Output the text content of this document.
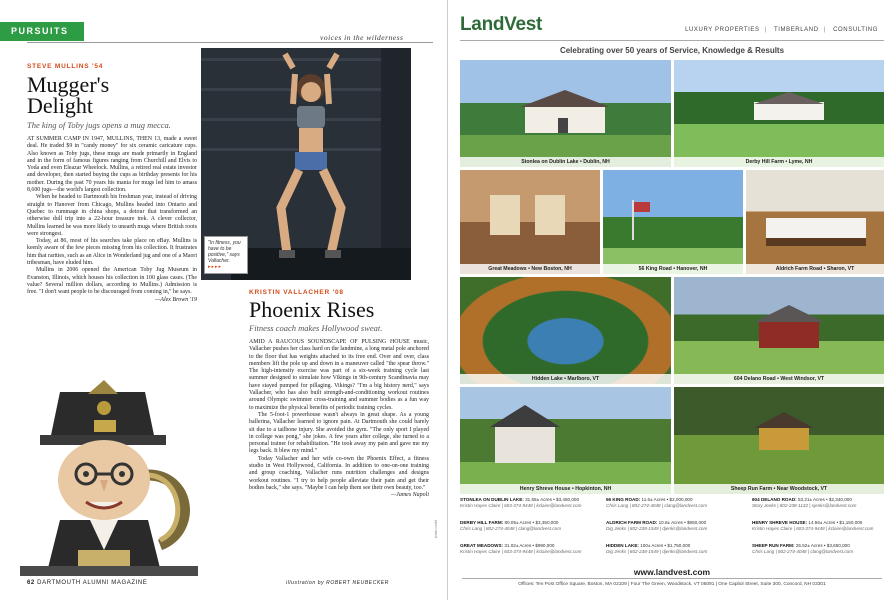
PURSUITS
voices in the wilderness
STEVE MULLINS '54
Mugger's
Delight
The king of Toby jugs opens a mug mecca.

AT SUMMER CAMP IN 1947, MULLINS, THEN 13, made a sweet deal. He traded $9 in "candy money" for six ceramic caricature cups. Also known as Toby jugs, these mugs are made primarily in England and in the form of famous figures ranging from Churchill and Elvis to Yoda and even Eleazar Wheelock. Mullins, a retired real estate investor and developer, then started buying the cups as birthday presents for his mother. During the past 70 years his mania for mugs led him to amass 8,600 jugs—the world's largest collection.

When he headed to Dartmouth his freshman year, instead of driving straight to Hanover from Chicago, Mullins headed into Ontario and Quebec to rummage in china shops, a detour that transformed an otherwise dull trip into a 22-hour treasure trek. A clever collector, Mullins learned he was more likely to unearth mugs where British roots were strongest.

Today, at 86, most of his searches take place on eBay. Mullins is keenly aware of the few pieces missing from his collection. It frustrates him that rarities, such as an Alice in Wonderland jug and one of a Maori tribesman, have eluded him.

Mullins in 2006 opened the American Toby Jug Museum in Evanston, Illinois, which houses his collection in 100 glass cases. (The value? Several million dollars, according to Mullins.) Admission is free. "I don't want people to be discouraged from coming in," he says.

—Alex Brown '19
"In fitness, you have to be positive," says Vallacher.
▸▸▸▸
KRISTIN VALLACHER '08
Phoenix Rises
Fitness coach makes Hollywood sweat.

AMID A RAUCOUS SOUNDSCAPE OF PULSING HOUSE music, Vallacher pushes her class hard on the landmine, a long metal pole anchored to the floor that has weights attached to its free end. Over and over, class members lift the pole up and down in a maneuver called "the spear throw." The high-intensity exercise was part of a six-week training cycle last summer designed to simulate how Vikings in 9th-century Scandinavia may have stayed pumped for pillaging. Vikings? "I'm a big history nerd," says Vallacher, who has also built strength-and-conditioning workout routines around Olympic swimmer cross-training and summer bodies as a fun way to maximize the physical benefits of periodic training cycles.

The 5-foot-1 powerhouse wasn't always in great shape. As a young ballerina, Vallacher learned to ignore pain. At Dartmouth she could barely sit due to a tailbone injury. She avoided the gym. "The only sport I played in college was pong," she jokes. A few years after college, she turned to a personal trainer for rehabilitation. "He took away my pain and gave me my legs back. It blew my mind."

Today Vallacher and her wife co-own the Phoenix Effect, a fitness studio in West Hollywood, California. In addition to one-on-one training and group coaching, Vallacher runs nutrition challenges and designs workout routines. "I try to help people alleviate their pain and get their bodies back," she says. "Maybe I can help them see their own beauty, too."

—James Napoli
photo credit
62 DARTMOUTH ALUMNI MAGAZINE	illustration by ROBERT NEUBECKER
LandVest	LUXURY PROPERTIES | TIMBERLAND | CONSULTING
Celebrating over 50 years of Service, Knowledge & Results
Stonlea on Dublin Lake • Dublin, NH	Derby Hill Farm • Lyme, NH
Great Meadows • New Boston, NH	56 King Road • Hanover, NH	Aldrich Farm Road • Sharon, VT
Hidden Lake • Marlboro, VT	604 Delano Road • West Windsor, VT
Henry Shreve House • Hopkinton, NH	Sheep Run Farm • Near Woodstock, VT
STONLEA ON DUBLIN LAKE: 31.55± Acres • $3,450,000
Kristin Hayes Claire | 603-374-9448 | kclaire@landvest.com
56 KING ROAD: 11.6± Acres • $2,000,000
Chris Lang | 802-274-4048 | clang@landvest.com
604 DELANO ROAD: 53.21± Acres • $2,340,000
Story Jenks | 802-238-1132 | sjenks@landvest.com
DERBY HILL FARM: 80.05± Acres • $3,350,000
Chris Lang | 802-274-4048 | clang@landvest.com
ALDRICH FARM ROAD: 10.8± Acres • $950,000
Dig Jenks | 802-238-1549 | djenks@landvest.com
HENRY SHREVE HOUSE: 14.66± Acres • $1,150,000
Kristin Hayes Claire | 603-374-9448 | kclaire@landvest.com
GREAT MEADOWS: 31.02± Acres • $990,000
Kristin Hayes Claire | 603-374-9448 | kclaire@landvest.com
HIDDEN LAKE: 100± Acres • $1,750,000
Dig Jenks | 802-238-1549 | djenks@landvest.com
SHEEP RUN FARM: 25.52± Acres • $3,650,000
Chris Lang | 802-274-4048 | clang@landvest.com
www.landvest.com
Offices: Ten Post Office Square, Boston, MA 02109 | Four The Green, Woodstock, VT 05091 | One Capitol Street, Suite 300, Concord, NH 03301
